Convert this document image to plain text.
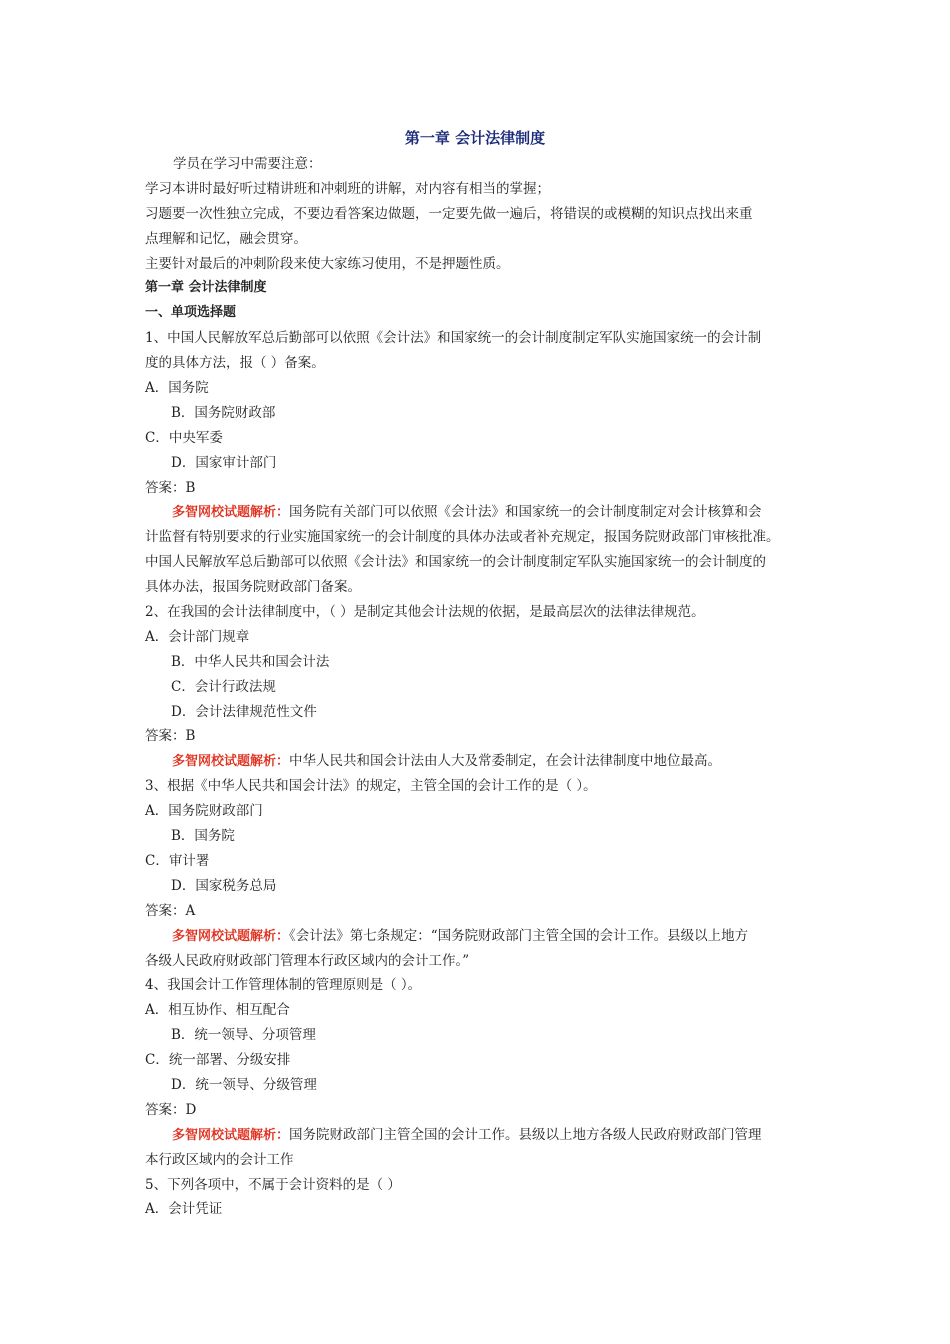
第一章 会计法律制度
学员在学习中需要注意：
学习本讲时最好听过精讲班和冲刺班的讲解，对内容有相当的掌握；
习题要一次性独立完成，不要边看答案边做题，一定要先做一遍后，将错误的或模糊的知识点找出来重
点理解和记忆，融会贯穿。
主要针对最后的冲刺阶段来使大家练习使用，不是押题性质。
第一章 会计法律制度
一、单项选择题
1、中国人民解放军总后勤部可以依照《会计法》和国家统一的会计制度制定军队实施国家统一的会计制
度的具体方法，报（ ）备案。
A．国务院
B．国务院财政部
C．中央军委
D．国家审计部门
答案：B
多智网校试题解析：国务院有关部门可以依照《会计法》和国家统一的会计制度制定对会计核算和会
计监督有特别要求的行业实施国家统一的会计制度的具体办法或者补充规定，报国务院财政部门审核批准。
中国人民解放军总后勤部可以依照《会计法》和国家统一的会计制度制定军队实施国家统一的会计制度的
具体办法，报国务院财政部门备案。
2、在我国的会计法律制度中，（ ）是制定其他会计法规的依据，是最高层次的法律法律规范。
A．会计部门规章
B．中华人民共和国会计法
C．会计行政法规
D．会计法律规范性文件
答案：B
多智网校试题解析：中华人民共和国会计法由人大及常委制定，在会计法律制度中地位最高。
3、根据《中华人民共和国会计法》的规定，主管全国的会计工作的是（ ）。
A．国务院财政部门
B．国务院
C．审计署
D．国家税务总局
答案：A
多智网校试题解析：《会计法》第七条规定：“国务院财政部门主管全国的会计工作。县级以上地方
各级人民政府财政部门管理本行政区域内的会计工作。”
4、我国会计工作管理体制的管理原则是（ ）。
A．相互协作、相互配合
B．统一领导、分项管理
C．统一部署、分级安排
D．统一领导、分级管理
答案：D
多智网校试题解析：国务院财政部门主管全国的会计工作。县级以上地方各级人民政府财政部门管理
本行政区域内的会计工作
5、下列各项中，不属于会计资料的是（ ）
A．会计凭证
